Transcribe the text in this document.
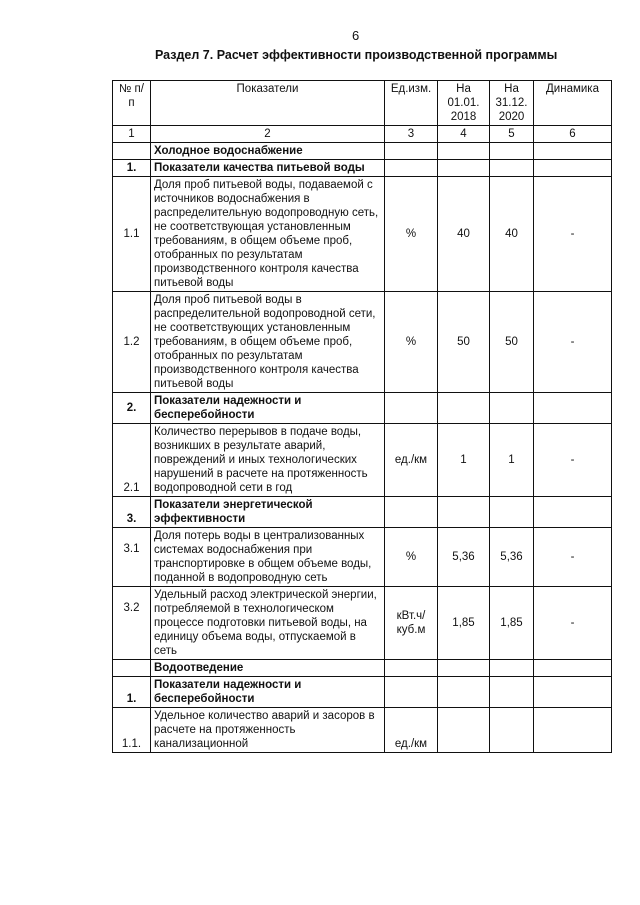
6
Раздел 7. Расчет эффективности производственной программы
№ п/п	Показатели	Ед.изм.	На 01.01. 2018	На 31.12. 2020	Динамика
1	2	3	4	5	6
	Холодное водоснабжение				
1.	Показатели качества питьевой воды				
1.1	Доля проб питьевой воды, подаваемой с источников водоснабжения в распределительную водопроводную сеть, не соответствующая установленным требованиям, в общем объеме проб, отобранных по результатам производственного контроля качества питьевой воды	%	40	40	-
1.2	Доля проб питьевой воды в распределительной водопроводной сети, не соответствующих установленным требованиям, в общем объеме проб, отобранных по результатам производственного контроля качества питьевой воды	%	50	50	-
2.	Показатели надежности и бесперебойности				
2.1	Количество перерывов в подаче воды, возникших в результате аварий, повреждений и иных технологических нарушений в расчете на протяженность водопроводной сети в год	ед./км	1	1	-
3.	Показатели энергетической эффективности				
3.1	Доля потерь воды в централизованных системах водоснабжения при транспортировке в общем объеме воды, поданной в водопроводную сеть	%	5,36	5,36	-
3.2	Удельный расход электрической энергии, потребляемой в технологическом процессе подготовки питьевой воды, на единицу объема воды, отпускаемой в сеть	кВт.ч/куб.м	1,85	1,85	-
	Водоотведение				
1.	Показатели надежности и бесперебойности				
1.1.	Удельное количество аварий и засоров в расчете на протяженность канализационной	ед./км			
